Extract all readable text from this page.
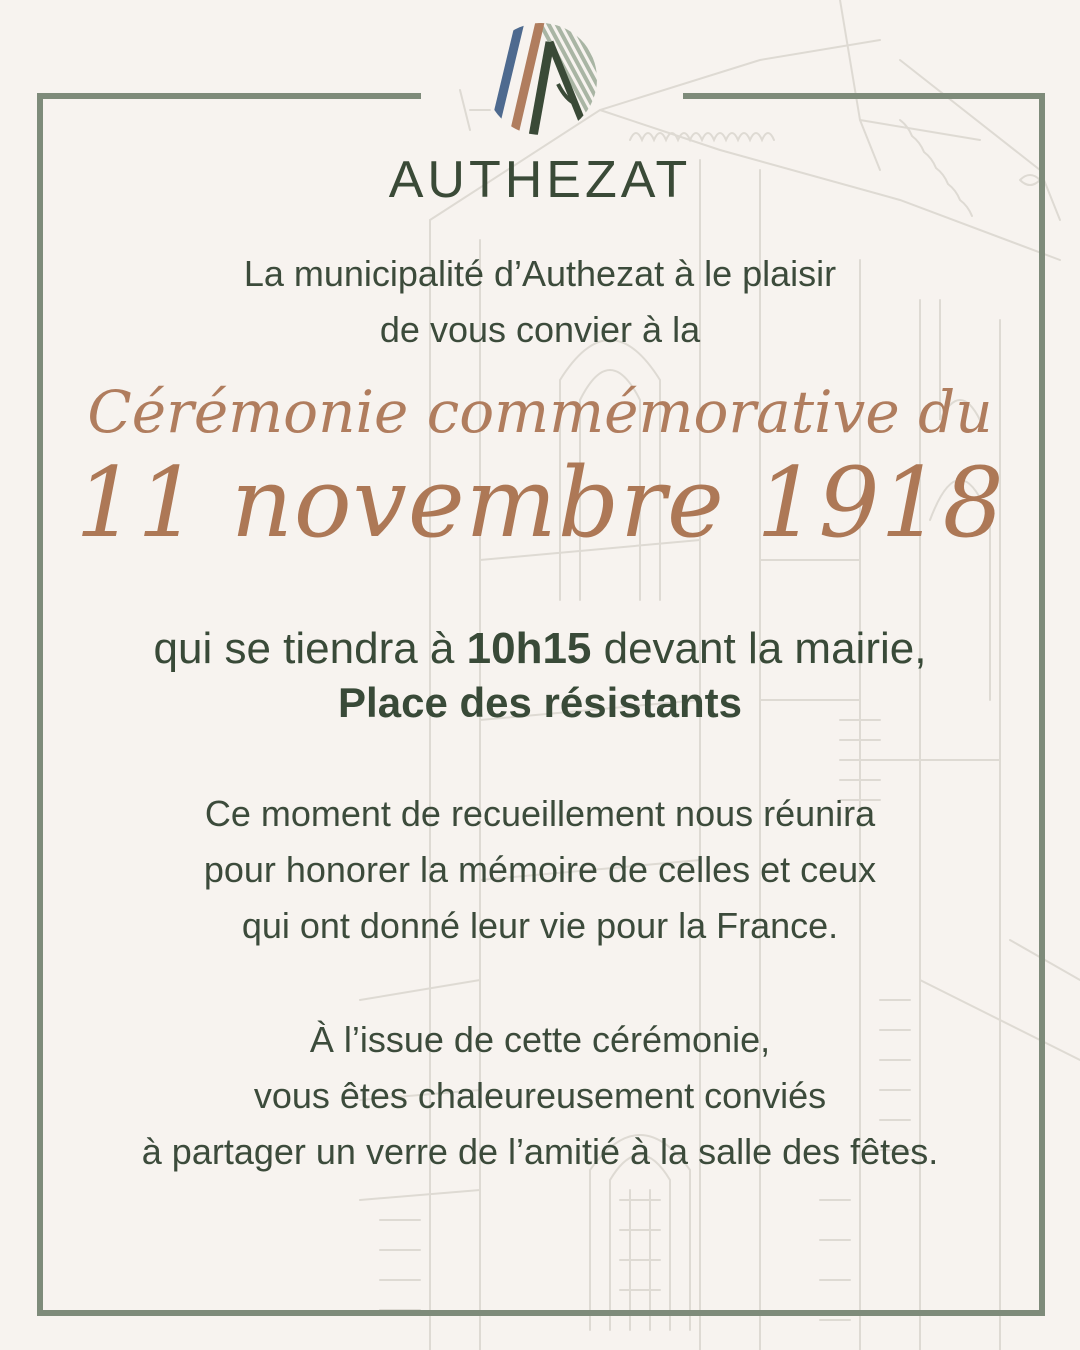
AUTHEZAT
La municipalité d’Authezat à le plaisir
de vous convier à la
Cérémonie commémorative du
11 novembre 1918
qui se tiendra à 10h15 devant la mairie,
Place des résistants
Ce moment de recueillement nous réunira
pour honorer la mémoire de celles et ceux
qui ont donné leur vie pour la France.
À l’issue de cette cérémonie,
vous êtes chaleureusement conviés
à partager un verre de l’amitié à la salle des fêtes.
